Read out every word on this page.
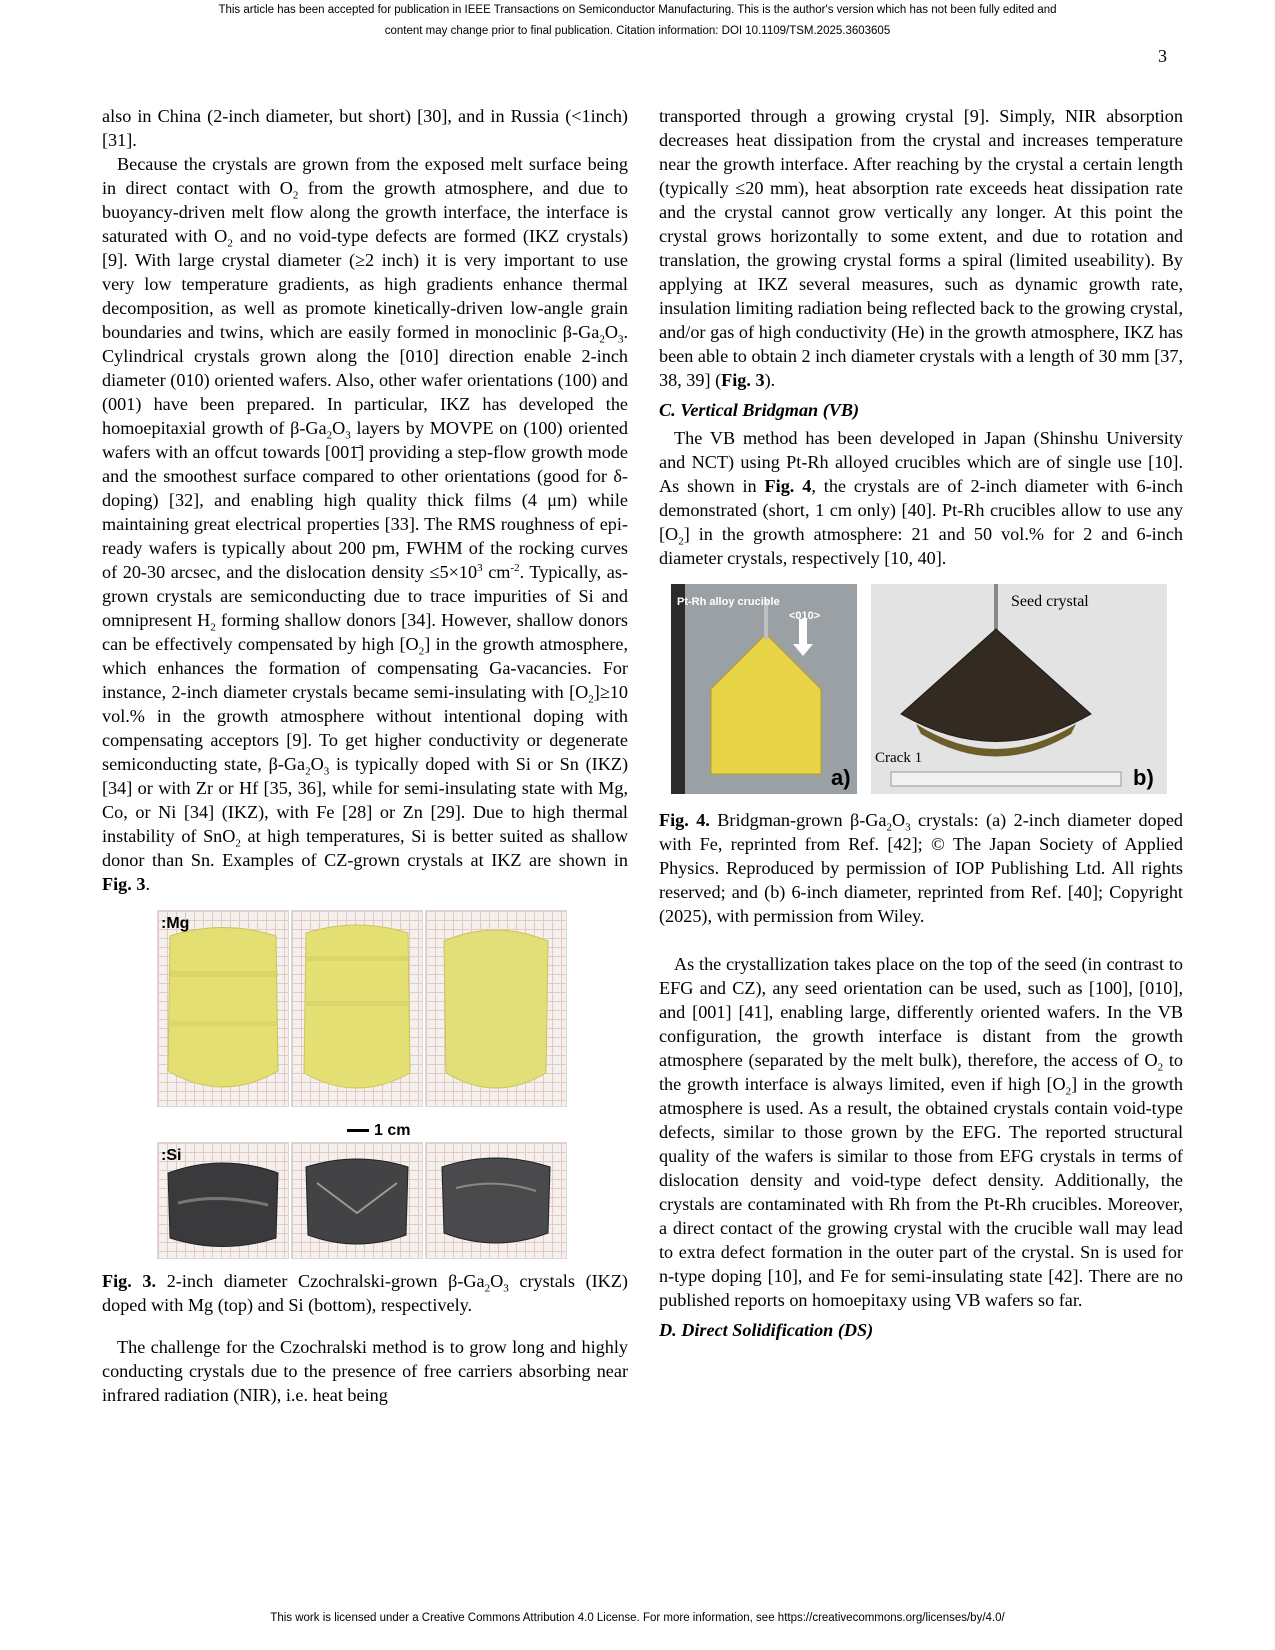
This article has been accepted for publication in IEEE Transactions on Semiconductor Manufacturing. This is the author's version which has not been fully edited and
content may change prior to final publication. Citation information: DOI 10.1109/TSM.2025.3603605
3

also in China (2-inch diameter, but short) [30], and in Russia (<1inch) [31].

Because the crystals are grown from the exposed melt surface being in direct contact with $O_2$ from the growth atmosphere, and due to buoyancy-driven melt flow along the growth interface, the interface is saturated with $O_2$ and no void-type defects are formed (IKZ crystals) [9]. With large crystal diameter (≥2 inch) it is very important to use very low temperature gradients, as high gradients enhance thermal decomposition, as well as promote kinetically-driven low-angle grain boundaries and twins, which are easily formed in monoclinic $\beta-Ga_2O_3$. Cylindrical crystals grown along the [010] direction enable 2-inch diameter (010) oriented wafers. Also, other wafer orientations (100) and (001) have been prepared. In particular, IKZ has developed the homoepitaxial growth of $\beta-Ga_2O_3$ layers by MOVPE on (100) oriented wafers with an offcut towards [001̄] providing a step-flow growth mode and the smoothest surface compared to other orientations (good for δ-doping) [32], and enabling high quality thick films (4 μm) while maintaining great electrical properties [33]. The RMS roughness of epi-ready wafers is typically about 200 pm, FWHM of the rocking curves of 20-30 arcsec, and the dislocation density $\le 5\times 10^3$ $cm^{-2}$. Typically, as-grown crystals are semiconducting due to trace impurities of Si and omnipresent $H_2$ forming shallow donors [34]. However, shallow donors can be effectively compensated by high $[O_2]$ in the growth atmosphere, which enhances the formation of compensating Ga-vacancies. For instance, 2-inch diameter crystals became semi-insulating with $[O_2]\ge 10$ vol.% in the growth atmosphere without intentional doping with compensating acceptors [9]. To get higher conductivity or degenerate semiconducting state, $\beta-Ga_2O_3$ is typically doped with Si or Sn (IKZ) [34] or with Zr or Hf [35, 36], while for semi-insulating state with Mg, Co, or Ni [34] (IKZ), with Fe [28] or Zn [29]. Due to high thermal instability of SnO$_2$ at high temperatures, Si is better suited as shallow donor than Sn. Examples of CZ-grown crystals at IKZ are shown in Fig. 3.

:Mg
1 cm
:Si

Fig. 3. 2-inch diameter Czochralski-grown $\beta-Ga_2O_3$ crystals (IKZ) doped with Mg (top) and Si (bottom), respectively.

The challenge for the Czochralski method is to grow long and highly conducting crystals due to the presence of free carriers absorbing near infrared radiation (NIR), i.e. heat being

transported through a growing crystal [9]. Simply, NIR absorption decreases heat dissipation from the crystal and increases temperature near the growth interface. After reaching by the crystal a certain length (typically ≤20 mm), heat absorption rate exceeds heat dissipation rate and the crystal cannot grow vertically any longer. At this point the crystal grows horizontally to some extent, and due to rotation and translation, the growing crystal forms a spiral (limited useability). By applying at IKZ several measures, such as dynamic growth rate, insulation limiting radiation being reflected back to the growing crystal, and/or gas of high conductivity (He) in the growth atmosphere, IKZ has been able to obtain 2 inch diameter crystals with a length of 30 mm [37, 38, 39] (Fig. 3).

C. Vertical Bridgman (VB)

The VB method has been developed in Japan (Shinshu University and NCT) using Pt-Rh alloyed crucibles which are of single use [10]. As shown in Fig. 4, the crystals are of 2-inch diameter with 6-inch demonstrated (short, 1 cm only) [40]. Pt-Rh crucibles allow to use any $[O_2]$ in the growth atmosphere: 21 and 50 vol.% for 2 and 6-inch diameter crystals, respectively [10, 40].

Pt-Rh alloy crucible
<010>
a)
Seed crystal
Crack 1
b)

Fig. 4. Bridgman-grown $\beta-Ga_2O_3$ crystals: (a) 2-inch diameter doped with Fe, reprinted from Ref. [42]; © The Japan Society of Applied Physics. Reproduced by permission of IOP Publishing Ltd. All rights reserved; and (b) 6-inch diameter, reprinted from Ref. [40]; Copyright (2025), with permission from Wiley.

As the crystallization takes place on the top of the seed (in contrast to EFG and CZ), any seed orientation can be used, such as [100], [010], and [001] [41], enabling large, differently oriented wafers. In the VB configuration, the growth interface is distant from the growth atmosphere (separated by the melt bulk), therefore, the access of $O_2$ to the growth interface is always limited, even if high $[O_2]$ in the growth atmosphere is used. As a result, the obtained crystals contain void-type defects, similar to those grown by the EFG. The reported structural quality of the wafers is similar to those from EFG crystals in terms of dislocation density and void-type defect density. Additionally, the crystals are contaminated with Rh from the Pt-Rh crucibles. Moreover, a direct contact of the growing crystal with the crucible wall may lead to extra defect formation in the outer part of the crystal. Sn is used for n-type doping [10], and Fe for semi-insulating state [42]. There are no published reports on homoepitaxy using VB wafers so far.

D. Direct Solidification (DS)

This work is licensed under a Creative Commons Attribution 4.0 License. For more information, see https://creativecommons.org/licenses/by/4.0/
